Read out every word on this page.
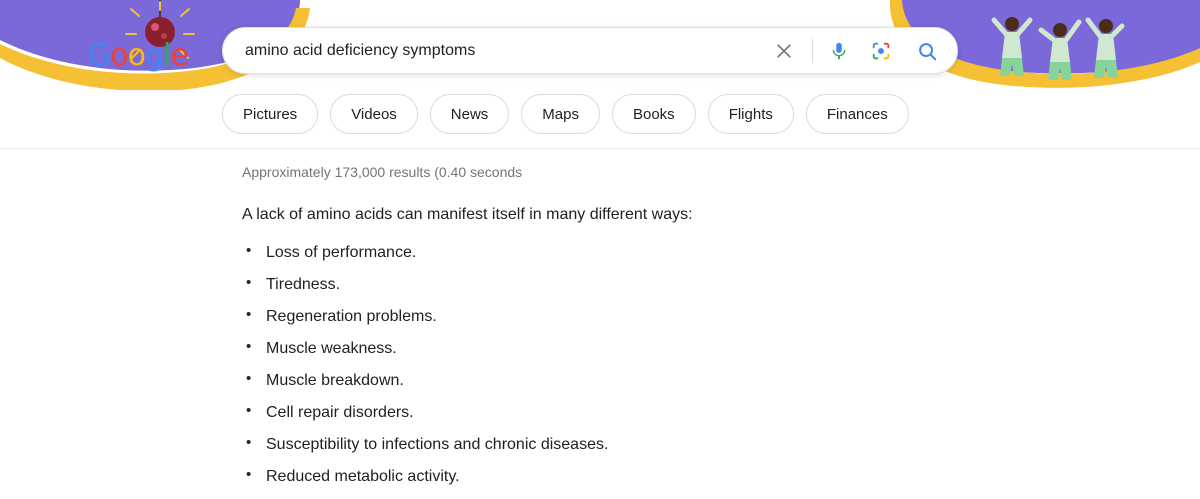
Google
amino acid deficiency symptoms
Pictures	Videos	News	Maps	Books	Flights	Finances
Approximately 173,000 results (0.40 seconds
A lack of amino acids can manifest itself in many different ways:
• Loss of performance.
• Tiredness.
• Regeneration problems.
• Muscle weakness.
• Muscle breakdown.
• Cell repair disorders.
• Susceptibility to infections and chronic diseases.
• Reduced metabolic activity.
